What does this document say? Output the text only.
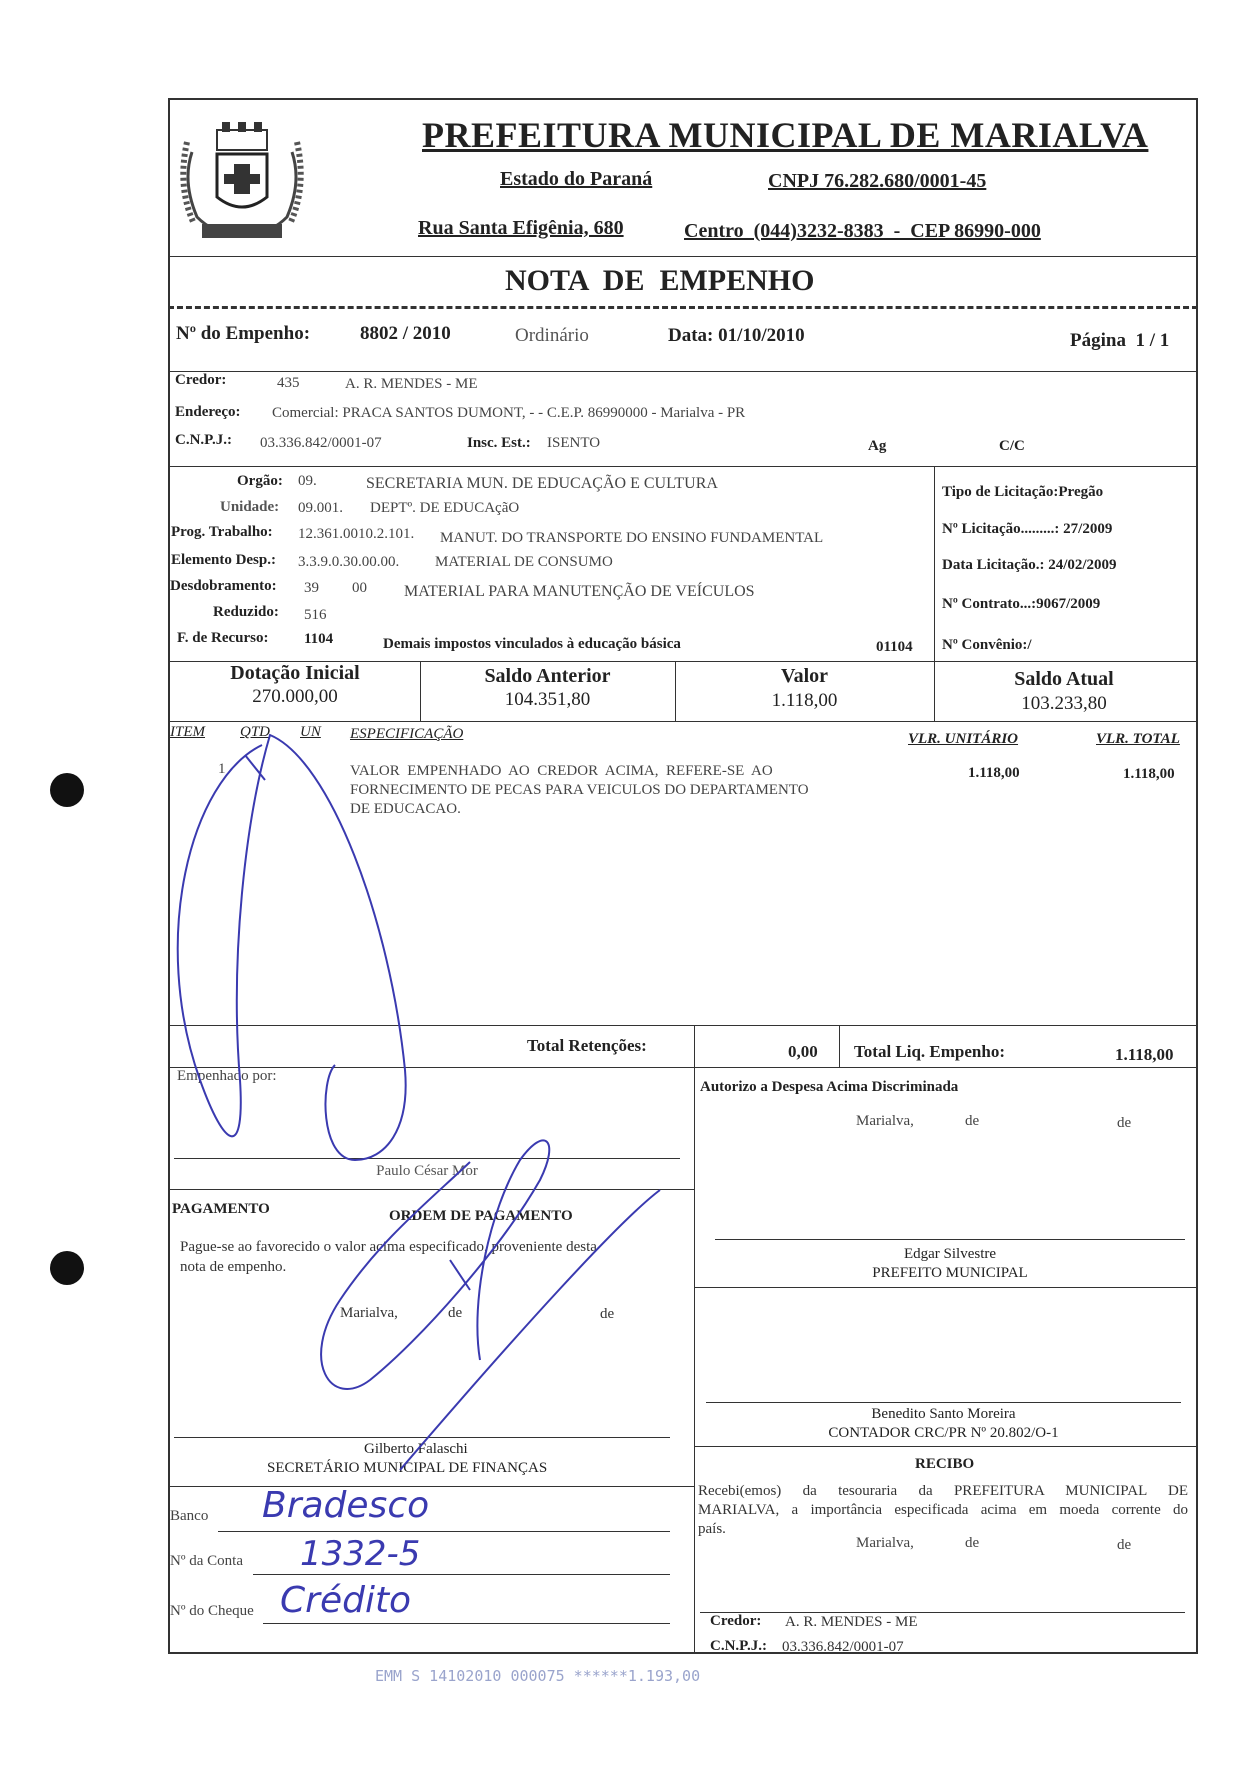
PREFEITURA MUNICIPAL DE MARIALVA
Estado do Paraná	CNPJ 76.282.680/0001-45
Rua Santa Efigênia, 680	Centro  (044)3232-8383  -  CEP 86990-000
NOTA  DE  EMPENHO
Nº do Empenho:	8802 / 2010	Ordinário	Data: 01/10/2010	Página  1 / 1
Credor:	435	A. R. MENDES - ME
Endereço: Comercial: PRACA SANTOS DUMONT, - - C.E.P. 86990000 - Marialva - PR
C.N.P.J.: 03.336.842/0001-07	Insc. Est.: ISENTO	Ag	C/C
Orgão: 09.	SECRETARIA MUN. DE EDUCAÇÃO E CULTURA
Unidade: 09.001. DEPTº. DE EDUCAçãO
Prog. Trabalho: 12.361.0010.2.101. MANUT. DO TRANSPORTE DO ENSINO FUNDAMENTAL
Elemento Desp.: 3.3.9.0.30.00.00. MATERIAL DE CONSUMO
Desdobramento: 39 00 MATERIAL PARA MANUTENÇÃO DE VEÍCULOS
Reduzido: 516
F. de Recurso: 1104	Demais impostos vinculados à educação básica	01104
Tipo de Licitação:Pregão
Nº Licitação.........: 27/2009
Data Licitação.: 24/02/2009
Nº Contrato...:9067/2009
Nº Convênio:/
Dotação Inicial
270.000,00
Saldo Anterior
104.351,80
Valor
1.118,00
Saldo Atual
103.233,80
ITEM QTD UN ESPECIFICAÇÃO	VLR. UNITÁRIO	VLR. TOTAL
1	VALOR  EMPENHADO  AO  CREDOR  ACIMA,  REFERE-SE  AO
FORNECIMENTO DE PECAS PARA VEICULOS DO DEPARTAMENTO
DE EDUCACAO.
1.118,00	1.118,00
Total Retenções:	0,00 Total Liq. Empenho:	1.118,00
Empenhado por:
Paulo César Mor
Autorizo a Despesa Acima Discriminada
Marialva,	de	de
Edgar Silvestre
PREFEITO MUNICIPAL
PAGAMENTO	ORDEM DE PAGAMENTO
Pague-se ao favorecido o valor acima especificado, proveniente desta
nota de empenho.
Marialva,	de	de
Gilberto Falaschi
SECRETÁRIO MUNICIPAL DE FINANÇAS
Banco Bradesco
Nº da Conta 1332-5
Nº do Cheque Crédito
Benedito Santo Moreira
CONTADOR CRC/PR Nº 20.802/O-1
RECIBO
Recebi(emos) da tesouraria da PREFEITURA MUNICIPAL DE
MARIALVA, a importância especificada acima em moeda corrente do
país.
Marialva,	de	de
Credor: A. R. MENDES - ME
C.N.P.J.: 03.336.842/0001-07
EMM S 14102010 000075 ******1.193,00
